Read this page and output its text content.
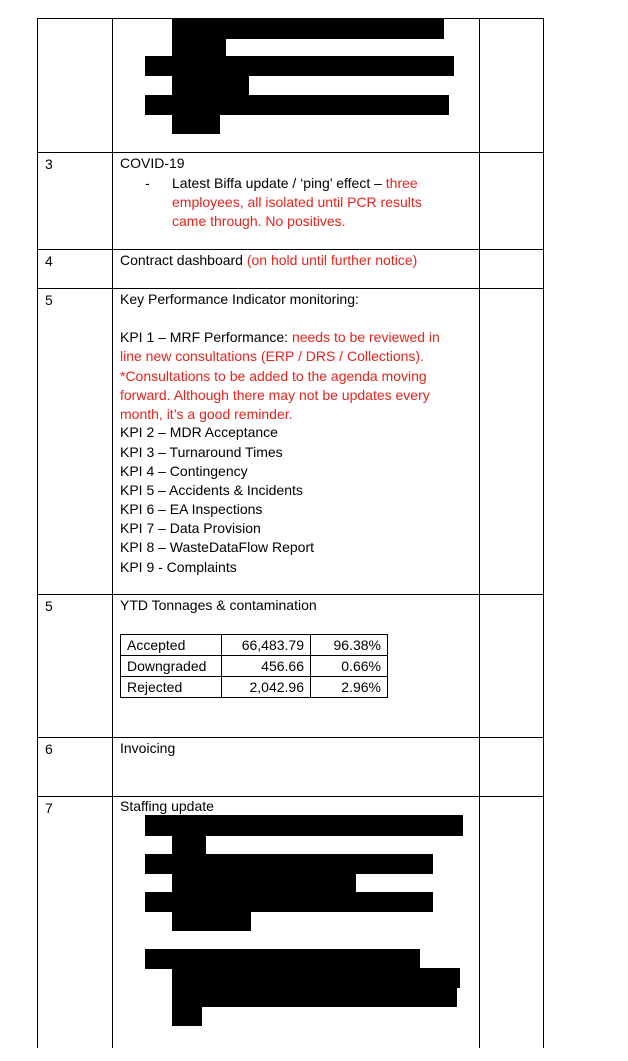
3	COVID-19
- Latest Biffa update / ‘ping’ effect – three
employees, all isolated until PCR results
came through. No positives.
4	Contract dashboard (on hold until further notice)
5	Key Performance Indicator monitoring:
KPI 1 – MRF Performance: needs to be reviewed in
line new consultations (ERP / DRS / Collections).
*Consultations to be added to the agenda moving
forward. Although there may not be updates every
month, it’s a good reminder.
KPI 2 – MDR Acceptance
KPI 3 – Turnaround Times
KPI 4 – Contingency
KPI 5 – Accidents & Incidents
KPI 6 – EA Inspections
KPI 7 – Data Provision
KPI 8 – WasteDataFlow Report
KPI 9 - Complaints
5	YTD Tonnages & contamination
Accepted	66,483.79	96.38%
Downgraded	456.66	0.66%
Rejected	2,042.96	2.96%
6	Invoicing
7	Staffing update
